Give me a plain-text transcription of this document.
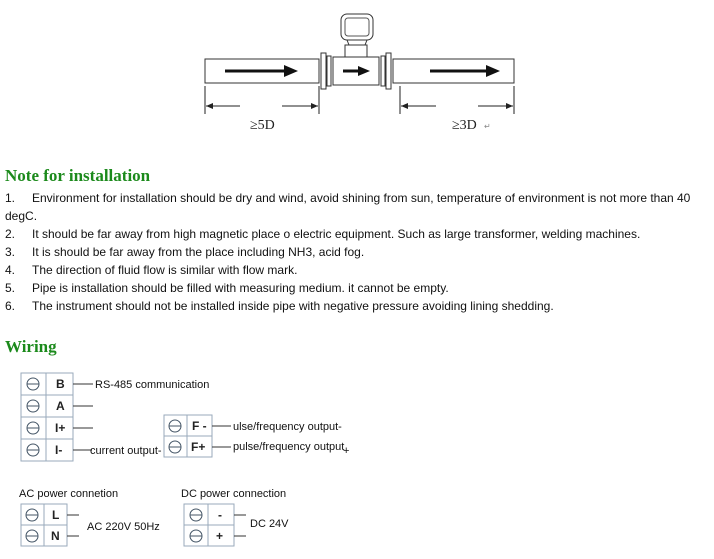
≥5D	≥3D ↵
Note for installation
1. Environment for installation should be dry and wind, avoid shining from sun, temperature of environment is not more than 40
degC.
2. It should be far away from high magnetic place o electric equipment. Such as large transformer, welding machines.
3. It is should be far away from the place including NH3, acid fog.
4. The direction of fluid flow is similar with flow mark.
5. Pipe is installation should be filled with measuring medium. it cannot be empty.
6. The instrument should not be installed inside pipe with negative pressure avoiding lining shedding.
Wiring
B
A
I+
I-
RS-485 communication
current output-
F -
F+
ulse/frequency output-
pulse/frequency output
+
AC power connetion
L
N
AC 220V 50Hz
DC power connection
-
+
DC 24V
